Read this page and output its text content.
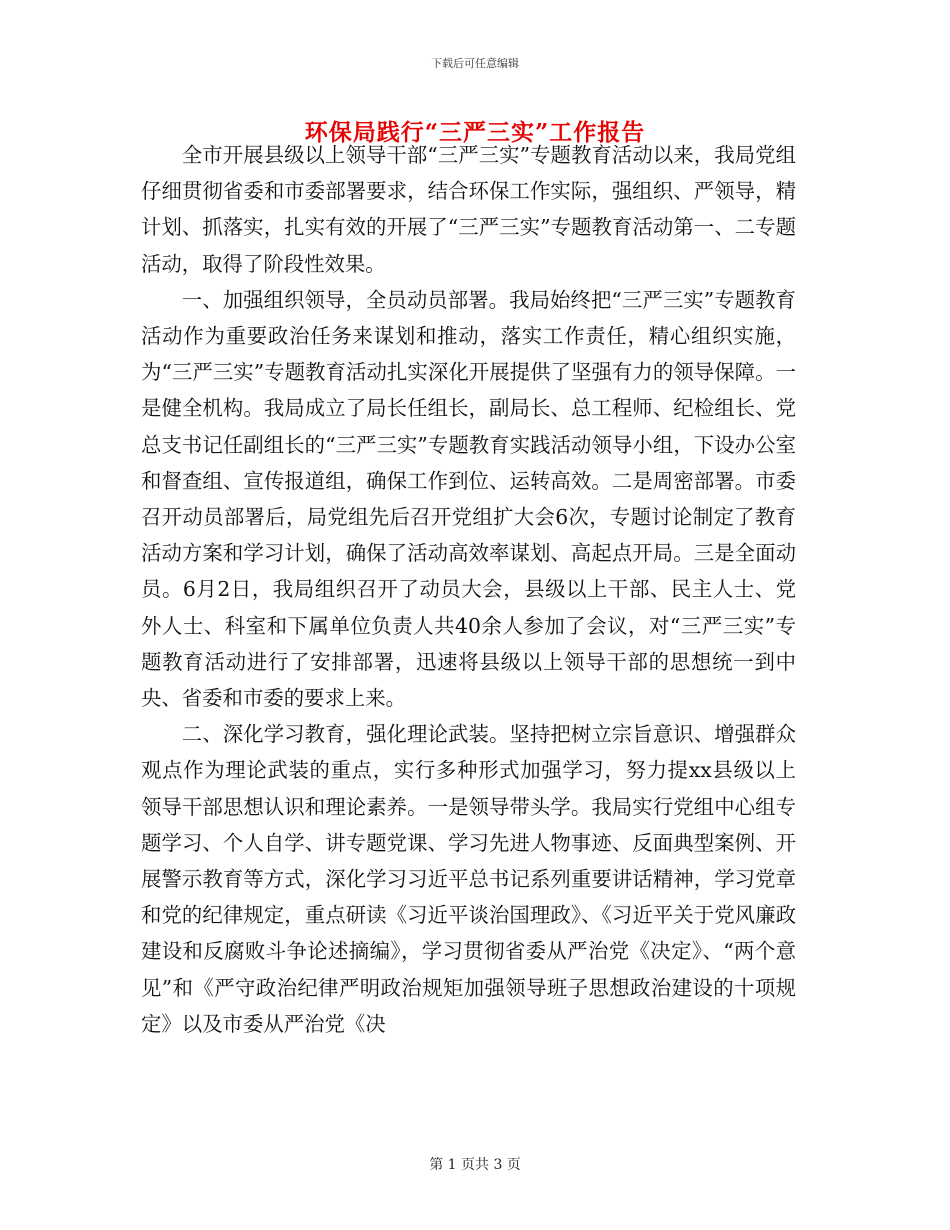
下载后可任意编辑
环保局践行“三严三实”工作报告

全市开展县级以上领导干部“三严三实”专题教育活动以来，我局党组仔细贯彻省委和市委部署要求，结合环保工作实际，强组织、严领导，精计划、抓落实，扎实有效的开展了“三严三实”专题教育活动第一、二专题活动，取得了阶段性效果。

一、加强组织领导，全员动员部署。我局始终把“三严三实”专题教育活动作为重要政治任务来谋划和推动，落实工作责任，精心组织实施，为“三严三实”专题教育活动扎实深化开展提供了坚强有力的领导保障。一是健全机构。我局成立了局长任组长，副局长、总工程师、纪检组长、党总支书记任副组长的“三严三实”专题教育实践活动领导小组，下设办公室和督查组、宣传报道组，确保工作到位、运转高效。二是周密部署。市委召开动员部署后，局党组先后召开党组扩大会6次，专题讨论制定了教育活动方案和学习计划，确保了活动高效率谋划、高起点开局。三是全面动员。6月2日，我局组织召开了动员大会，县级以上干部、民主人士、党外人士、科室和下属单位负责人共40余人参加了会议，对“三严三实”专题教育活动进行了安排部署，迅速将县级以上领导干部的思想统一到中央、省委和市委的要求上来。

二、深化学习教育，强化理论武装。坚持把树立宗旨意识、增强群众观点作为理论武装的重点，实行多种形式加强学习，努力提xx县级以上领导干部思想认识和理论素养。一是领导带头学。我局实行党组中心组专题学习、个人自学、讲专题党课、学习先进人物事迹、反面典型案例、开展警示教育等方式，深化学习习近平总书记系列重要讲话精神，学习党章和党的纪律规定，重点研读《习近平谈治国理政》、《习近平关于党风廉政建设和反腐败斗争论述摘编》，学习贯彻省委从严治党《决定》、“两个意见”和《严守政治纪律严明政治规矩加强领导班子思想政治建设的十项规定》以及市委从严治党《决

第 1 页共 3 页
